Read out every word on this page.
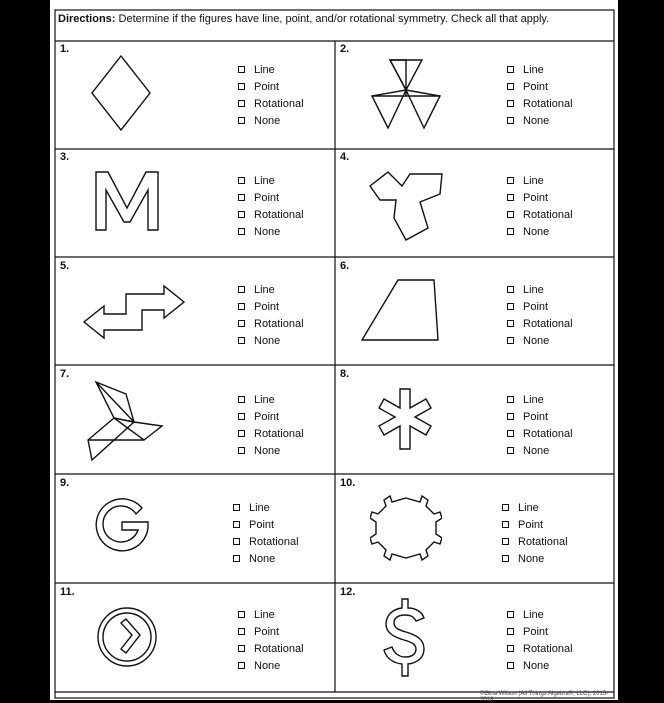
Directions: Determine if the figures have line, point, and/or rotational symmetry. Check all that apply.
1.
Line
Point
Rotational
None
2.
Line
Point
Rotational
None
3.
Line
Point
Rotational
None
4.
Line
Point
Rotational
None
5.
Line
Point
Rotational
None
6.
Line
Point
Rotational
None
7.
Line
Point
Rotational
None
8.
Line
Point
Rotational
None
9.
Line
Point
Rotational
None
10.
Line
Point
Rotational
None
11.
Line
Point
Rotational
None
12.
Line
Point
Rotational
None
©Gina Wilson (All Things Algebra®, LLC), 2015-2018
